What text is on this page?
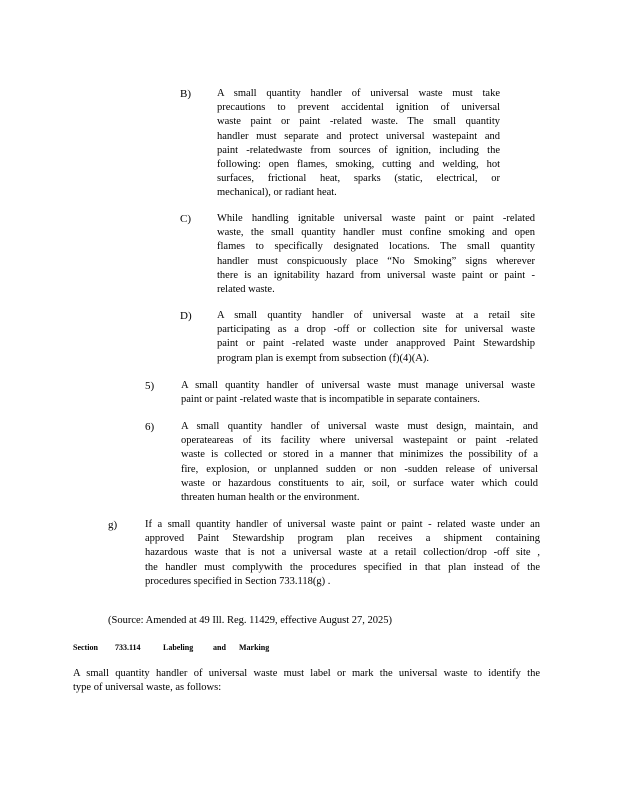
B) A small quantity handler of universal waste must take
precautions to prevent accidental ignition of universal
waste paint or paint -related waste. The small quantity
handler must separate and protect universal wastepaint and
paint -relatedwaste from sources of ignition, including the
following: open flames, smoking, cutting and welding, hot
surfaces, frictional heat, sparks (static, electrical, or
mechanical), or radiant heat.
C) While handling ignitable universal waste paint or paint -related
waste, the small quantity handler must confine smoking and open
flames to specifically designated locations. The small quantity
handler must conspicuously place “No Smoking” signs wherever
there is an ignitability hazard from universal waste paint or paint -
related waste.
D) A small quantity handler of universal waste at a retail site
participating as a drop -off or collection site for universal waste
paint or paint -related waste under anapproved Paint Stewardship
program plan is exempt from subsection (f)(4)(A).
5)	A small quantity handler of universal waste must manage universal waste
paint or paint -related waste that is incompatible in separate containers.
6)	A small quantity handler of universal waste must design, maintain, and
operateareas of its facility where universal wastepaint or paint -related
waste is collected or stored in a manner that minimizes the possibility of a
fire, explosion, or unplanned sudden or non -sudden release of universal
waste or hazardous constituents to air, soil, or surface water which could
threaten human health or the environment.
g)	If a small quantity handler of universal waste paint or paint - related waste under an
approved Paint Stewardship program plan receives a shipment containing
hazardous waste that is not a universal waste at a retail collection/drop -off site ,
the handler must complywith the procedures specified in that plan instead of the
procedures specified in Section 733.118(g) .
(Source: Amended at 49 Ill. Reg. 11429, effective August 27, 2025)
Section 733.114	Labeling and Marking
A small quantity handler of universal waste must label or mark the universal waste to identify the
type of universal waste, as follows:
